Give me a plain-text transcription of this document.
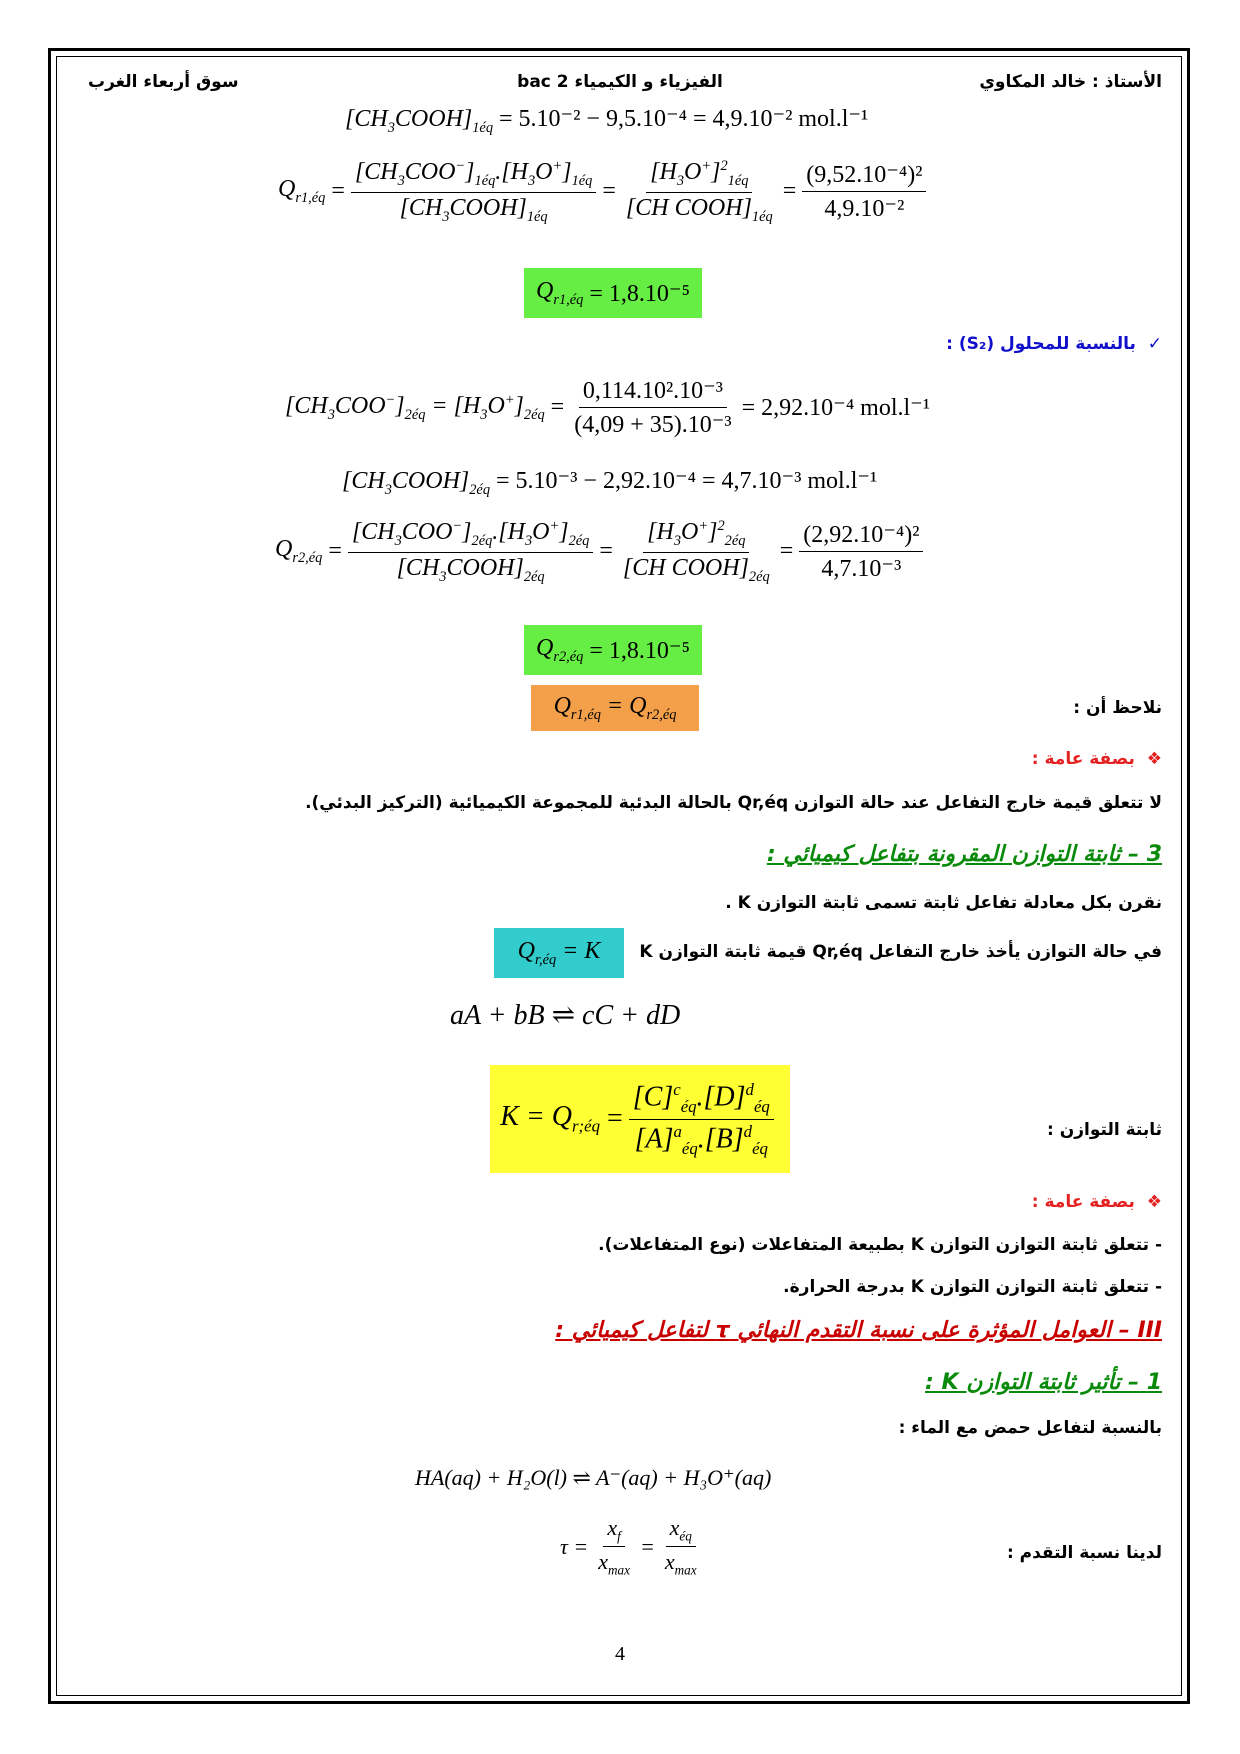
الأستاذ : خالد المكاوي
الفيزياء و الكيمياء 2 bac
سوق أربعاء الغرب
$[CH_3COOH]_{1éq} = 5.10^{-2} - 9,5.10^{-4} = 4,9.10^{-2}$ mol.l⁻¹
$Q_{r1,éq} = \frac{[CH_3COO^-]_{1éq}.[H_3O^+]_{1éq}}{[CH_3COOH]_{1éq}} = \frac{[H_3O^+]^2_{1éq}}{[CH COOH]_{1éq}} = \frac{\text{(9,52.10⁻⁴)²}}{\text{4,9.10⁻²}}$
$Q_{r1,éq}$
= 1,8.10⁻⁵
✓  بالنسبة للمحلول (S₂) :
$[CH_3COO^-]_{2éq} = [H_3O^+]_{2éq} = \frac{\text{0,114.10².10⁻³}}{\text{(4,09 + 35).10⁻³}} = 2,92.10^{-4}$ mol.l⁻¹
$[CH_3COOH]_{2éq} = 5.10^{-3} - 2,92.10^{-4} = 4,7.10^{-3}$ mol.l⁻¹
$Q_{r2,éq} = \frac{[CH_3COO^-]_{2éq}.[H_3O^+]_{2éq}}{[CH_3COOH]_{2éq}} = \frac{[H_3O^+]^2_{2éq}}{[CH COOH]_{2éq}} = \frac{\text{(2,92.10⁻⁴)²}}{\text{4,7.10⁻³}}$
$Q_{r2,éq}$
= 1,8.10⁻⁵
نلاحظ أن :
$Q_{r1,éq} = Q_{r2,éq}$
❖  بصفة عامة :
لا تتعلق قيمة خارج التفاعل عند حالة التوازن Qr,éq بالحالة البدئية للمجموعة الكيميائية (التركيز البدئي).
3 – ثابتة التوازن المقرونة بتفاعل كيميائي :
نقرن بكل معادلة تفاعل ثابتة تسمى ثابتة التوازن K .
في حالة التوازن يأخذ خارج التفاعل Qr,éq قيمة ثابتة التوازن K
$Q_{r,éq} = K$
aA + bB ⇌ cC + dD
ثابتة التوازن :
$K = Q_{r;éq} = \frac{[C]^c_{éq}.[D]^d_{éq}}{[A]^a_{éq}.[B]^d_{éq}}$
❖  بصفة عامة :
- تتعلق ثابتة التوازن التوازن K بطبيعة المتفاعلات (نوع المتفاعلات).
- تتعلق ثابتة التوازن التوازن K بدرجة الحرارة.
III – العوامل المؤثرة على نسبة التقدم النهائي τ لتفاعل كيميائي :
1 – تأثير ثابتة التوازن K :
بالنسبة لتفاعل حمض مع الماء :
HA(aq) + H₂O(l) ⇌ A⁻(aq) + H₃O⁺(aq)
لدينا نسبة التقدم :
$\tau = \frac{x_f}{x_{max}} = \frac{x_{éq}}{x_{max}}$
4
